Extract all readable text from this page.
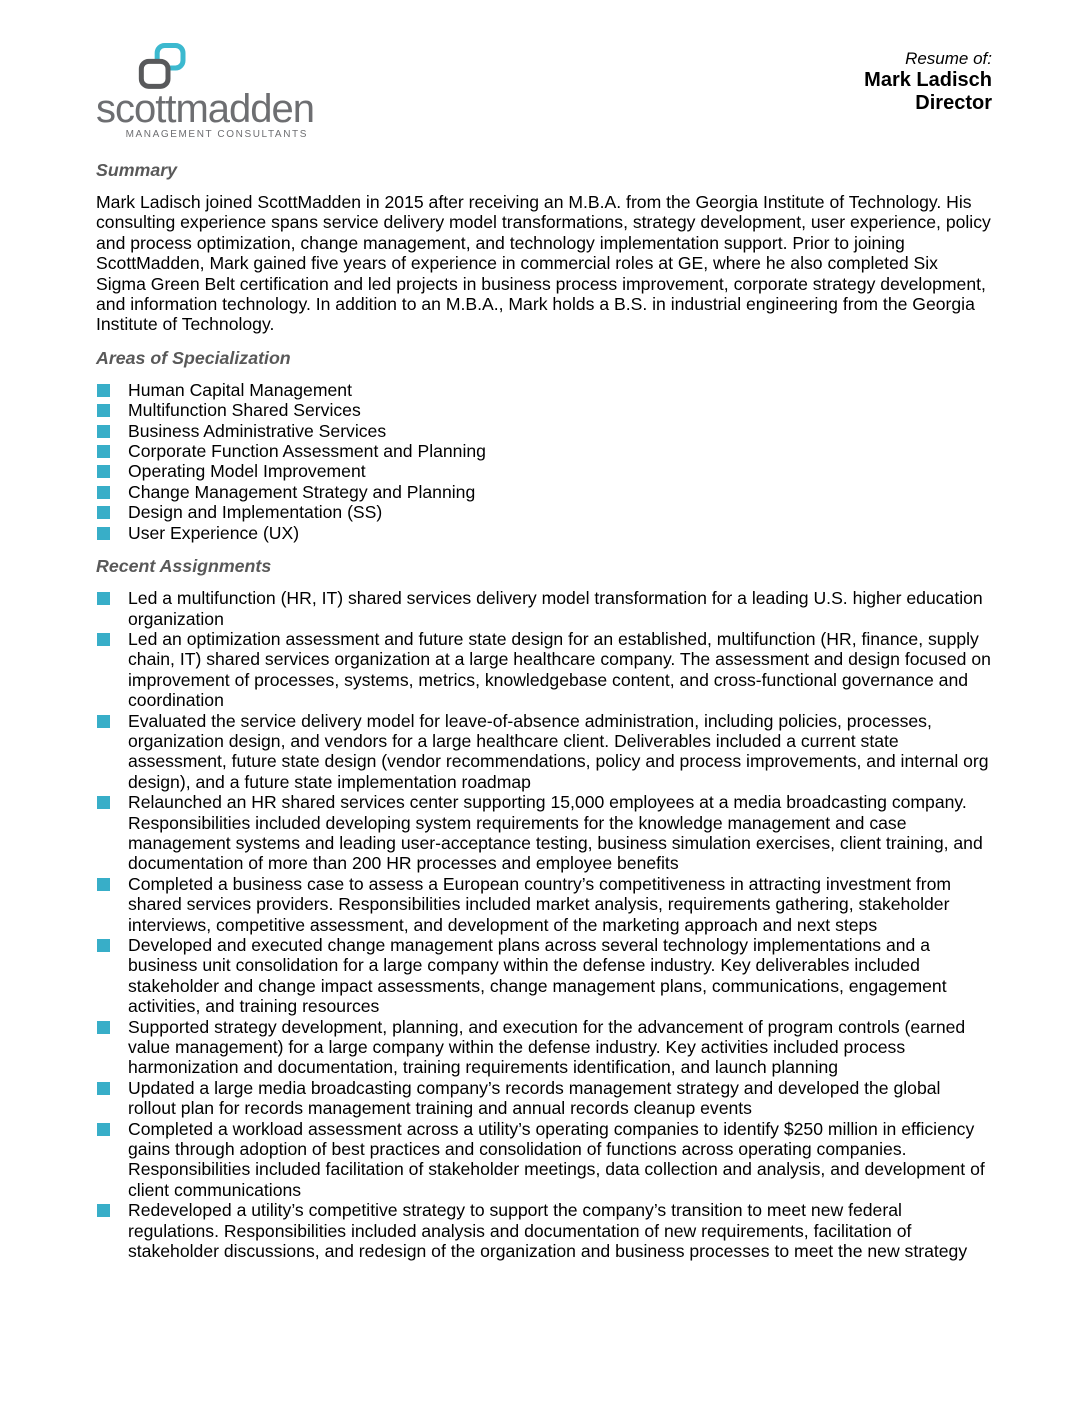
scottmadden
MANAGEMENT CONSULTANTS
Resume of:
Mark Ladisch
Director
Summary

Mark Ladisch joined ScottMadden in 2015 after receiving an M.B.A. from the Georgia Institute of Technology. His consulting experience spans service delivery model transformations, strategy development, user experience, policy and process optimization, change management, and technology implementation support. Prior to joining ScottMadden, Mark gained five years of experience in commercial roles at GE, where he also completed Six Sigma Green Belt certification and led projects in business process improvement, corporate strategy development, and information technology. In addition to an M.B.A., Mark holds a B.S. in industrial engineering from the Georgia Institute of Technology.

Areas of Specialization
Human Capital Management
Multifunction Shared Services
Business Administrative Services
Corporate Function Assessment and Planning
Operating Model Improvement
Change Management Strategy and Planning
Design and Implementation (SS)
User Experience (UX)
Recent Assignments
Led a multifunction (HR, IT) shared services delivery model transformation for a leading U.S. higher education organization
Led an optimization assessment and future state design for an established, multifunction (HR, finance, supply chain, IT) shared services organization at a large healthcare company. The assessment and design focused on improvement of processes, systems, metrics, knowledgebase content, and cross-functional governance and coordination
Evaluated the service delivery model for leave-of-absence administration, including policies, processes, organization design, and vendors for a large healthcare client. Deliverables included a current state assessment, future state design (vendor recommendations, policy and process improvements, and internal org design), and a future state implementation roadmap
Relaunched an HR shared services center supporting 15,000 employees at a media broadcasting company. Responsibilities included developing system requirements for the knowledge management and case management systems and leading user-acceptance testing, business simulation exercises, client training, and documentation of more than 200 HR processes and employee benefits
Completed a business case to assess a European country’s competitiveness in attracting investment from shared services providers. Responsibilities included market analysis, requirements gathering, stakeholder interviews, competitive assessment, and development of the marketing approach and next steps
Developed and executed change management plans across several technology implementations and a business unit consolidation for a large company within the defense industry. Key deliverables included stakeholder and change impact assessments, change management plans, communications, engagement activities, and training resources
Supported strategy development, planning, and execution for the advancement of program controls (earned value management) for a large company within the defense industry. Key activities included process harmonization and documentation, training requirements identification, and launch planning
Updated a large media broadcasting company’s records management strategy and developed the global rollout plan for records management training and annual records cleanup events
Completed a workload assessment across a utility’s operating companies to identify $250 million in efficiency gains through adoption of best practices and consolidation of functions across operating companies. Responsibilities included facilitation of stakeholder meetings, data collection and analysis, and development of client communications
Redeveloped a utility’s competitive strategy to support the company’s transition to meet new federal regulations. Responsibilities included analysis and documentation of new requirements, facilitation of stakeholder discussions, and redesign of the organization and business processes to meet the new strategy
